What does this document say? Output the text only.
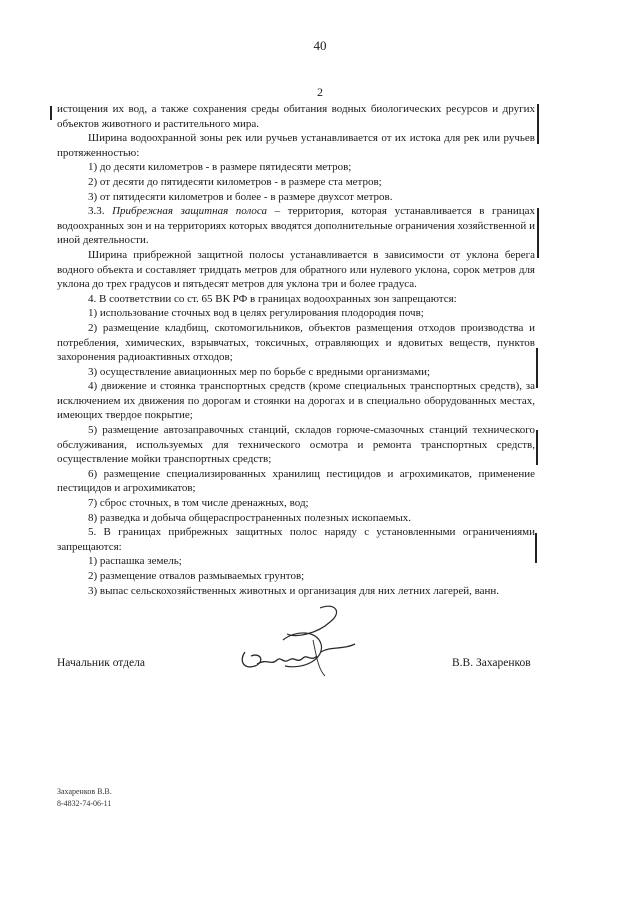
40
2

истощения их вод, а также сохранения среды обитания водных биологических ресурсов и других объектов животного и растительного мира.

Ширина водоохранной зоны рек или ручьев устанавливается от их истока для рек или ручьев протяженностью:

1) до десяти километров - в размере пятидесяти метров;

2) от десяти до пятидесяти километров - в размере ста метров;

3) от пятидесяти километров и более - в размере двухсот метров.

3.3. Прибрежная защитная полоса – территория, которая устанавливается в границах водоохранных зон и на территориях которых вводятся дополнительные ограничения хозяйственной и иной деятельности.

Ширина прибрежной защитной полосы устанавливается в зависимости от уклона берега водного объекта и составляет тридцать метров для обратного или нулевого уклона, сорок метров для уклона до трех градусов и пятьдесят метров для уклона три и более градуса.

4. В соответствии со ст. 65 ВК РФ в границах водоохранных зон запрещаются:

1) использование сточных вод в целях регулирования плодородия почв;

2) размещение кладбищ, скотомогильников, объектов размещения отходов производства и потребления, химических, взрывчатых, токсичных, отравляющих и ядовитых веществ, пунктов захоронения радиоактивных отходов;

3) осуществление авиационных мер по борьбе с вредными организмами;

4) движение и стоянка транспортных средств (кроме специальных транспортных средств), за исключением их движения по дорогам и стоянки на дорогах и в специально оборудованных местах, имеющих твердое покрытие;

5) размещение автозаправочных станций, складов горюче-смазочных станций технического обслуживания, используемых для технического осмотра и ремонта транспортных средств, осуществление мойки транспортных средств;

6) размещение специализированных хранилищ пестицидов и агрохимикатов, применение пестицидов и агрохимикатов;

7) сброс сточных, в том числе дренажных, вод;

8) разведка и добыча общераспространенных полезных ископаемых.

5. В границах прибрежных защитных полос наряду с установленными ограничениями запрещаются:

1) распашка земель;

2) размещение отвалов размываемых грунтов;

3) выпас сельскохозяйственных животных и организация для них летних лагерей, ванн.

Начальник отдела	В.В. Захаренков
Захаренков В.В.
8-4832-74-06-11
